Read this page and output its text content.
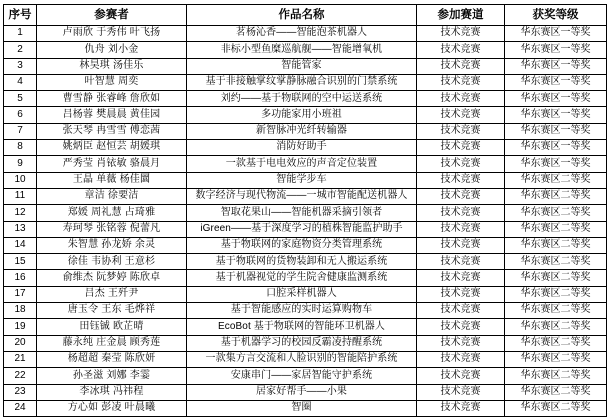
序号	参赛者	作品名称	参加赛道	获奖等级
1	卢雨欣 于秀伟 叶飞扬	茗杨沁香——智能泡茶机器人	技术竞赛	华东赛区一等奖
2	仇舟 刘小金	非标小型鱼糜巡航舰——智能增氧机	技术竞赛	华东赛区一等奖
3	林昊琪 汤佳乐	智能管家	技术竞赛	华东赛区一等奖
4	叶智慧 周奕	基于非接触掌纹掌静脉融合识别的门禁系统	技术竞赛	华东赛区一等奖
5	曹雪静 张睿峰 詹欣如	刘约——基于物联网的空中运送系统	技术竞赛	华东赛区一等奖
6	吕杨蓉 樊晨晨 黄佳园	多功能家用小班祖	技术竞赛	华东赛区一等奖
7	张天琴 冉雪雪 傅恋茜	新智脉冲光纤转输器	技术竞赛	华东赛区一等奖
8	姚炳臣 赵恒芸 胡媛琪	消防好助手	技术竞赛	华东赛区一等奖
9	严秀莹 肖铱敏 骆晨月	一款基于电电效应的声音定位装置	技术竞赛	华东赛区一等奖
10	王晶 单薇 杨佳圜	智能学步车	技术竞赛	华东赛区二等奖
11	章洁 徐要洁	数字经济与现代物流——一城市智能配送机器人	技术竞赛	华东赛区二等奖
12	郑媛 周礼慧 占琦雅	智取花果山——智能机器采摘引领者	技术竞赛	华东赛区二等奖
13	寿珂琴 张铭蓉 倪蕾凡	iGreen——基于深度学习的植株智能监护助手	技术竞赛	华东赛区二等奖
14	朱智慧 孙龙娇 余灵	基于物联网的家庭物资分类管理系统	技术竞赛	华东赛区二等奖
15	徐佳 韦协利 王意杉	基于物联网的货物装卸和无人搬运系统	技术竞赛	华东赛区二等奖
16	俞维杰 阮梦婷 陈欣卓	基于机器视觉的学生院舍健康监测系统	技术竞赛	华东赛区二等奖
17	吕杰 王歼尹	口腔采样机器人	技术竞赛	华东赛区二等奖
18	唐玉令 王东 毛烨祥	基于智能感应的实时运算购物车	技术竞赛	华东赛区二等奖
19	田钰铖 欧芷晴	EcoBot 基于物联网的智能环卫机器人	技术竞赛	华东赛区二等奖
20	藤永纯 庄金晨 顾秀莲	基于机器学习的校园反霸凌持醒系统	技术竞赛	华东赛区二等奖
21	杨超超 秦莹 陈欣妍	一款集方言交流和人脸识别的智能陪护系统	技术竞赛	华东赛区二等奖
22	孙圣滋 刘娜 李霎	安康串门——家居智能守护系统	技术竞赛	华东赛区二等奖
23	李冰琪 冯祎程	居家好帮手——小果	技术竞赛	华东赛区二等奖
24	方心如 彭凌 叶晨曦	智圈	技术竞赛	华东赛区二等奖
